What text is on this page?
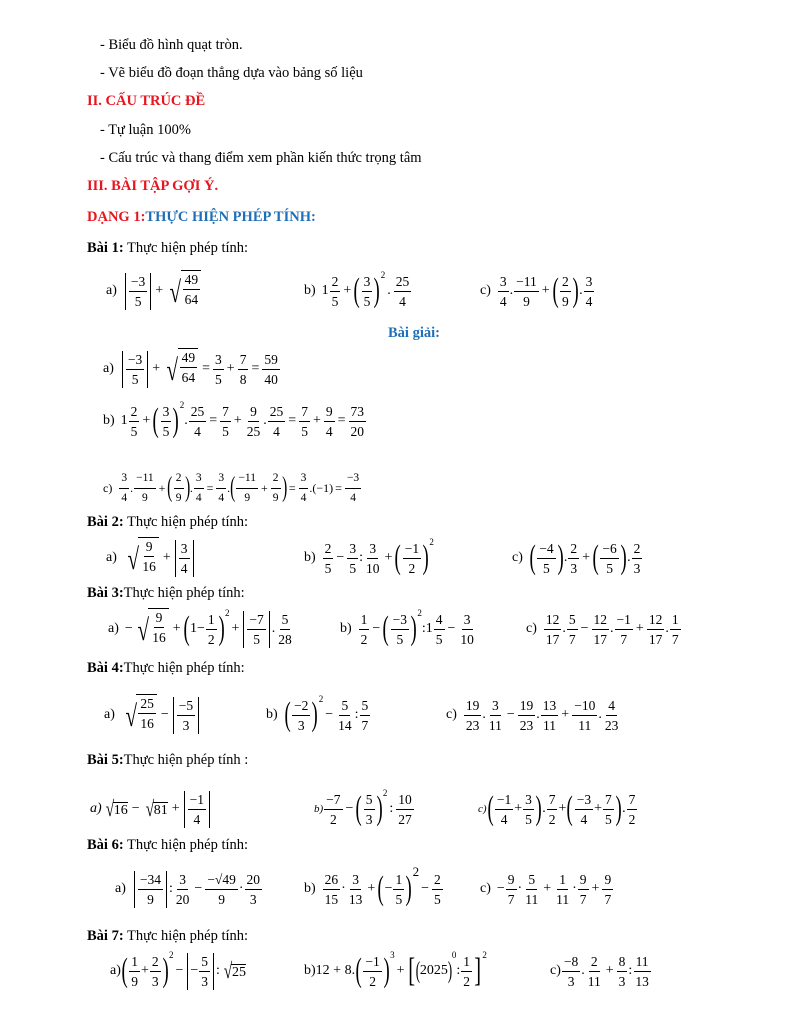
- Biểu đồ hình quạt tròn.
- Vẽ biểu đồ đoạn thẳng dựa vào bảng số liệu
II. CẤU TRÚC ĐỀ
- Tự luận 100%
- Cấu trúc và thang điểm xem phần kiến thức trọng tâm
III. BÀI TẬP GỢI Ý.
DẠNG 1:THỰC HIỆN PHÉP TÍNH:
Bài 1: Thực hiện phép tính:
a)
−3
5
+ √ 49
64
b) 1
2
5
+ ( 3
5 ) 2
.
25
4
c)
3
4
.
−11
9
+ ( 2
9 ) .
3
4
Bài giải:
a)
−3
5
+ √ 49
64
= $\frac{3}{5} + \frac{7}{8} = \frac{59}{40}$
b) 1
2
5
+ ( 3
5 ) 2
. $\frac{25}{4} = \frac{7}{5} + \frac{9}{25}$ . $\frac{25}{4} = \frac{7}{5} + \frac{9}{4} = \frac{73}{20}$
c)
3
4
.
−11
9
+ ( 2
9 ) . $\frac{3}{4} = \frac{3}{4}$ . ( −11
9
+ $\frac{2}{9}$ ) = $\frac{3}{4} .(-1) = \frac{-3}{4}$
Bài 2: Thực hiện phép tính:
a) √ 9
16
+
3
4
b)
2
5
− $\frac{3}{5}$ :
3
10
+ ( −1
2 ) 2
c) ( −4
5 ) .
2
3
+ ( −6
5 ) .
2
3
Bài 3:Thực hiện phép tính:
a) − √ 9
16
+ ( $1- \frac{1}{2}$ ) 2
+
−7
5
.
5
28
b)
1
2
− ( −3
5 ) 2
:1
4
5
− $\frac{3}{10}$	c)
12
17
.
5
7
− $\frac{12}{17}$ .
−1
7
+ $\frac{12}{17}$ .
1
7
Bài 4:Thực hiện phép tính:
a) √ 25
16
−
−5
3
b) ( −2
3 ) 2
− $\frac{5}{14}$ :
5
7
c)
19
23
.
3
11
− $\frac{19}{23}$ .
13
11
+ $\frac{-10}{11}$ .
4
23
Bài 5:Thực hiện phép tính :
a) √ 16 − √ 81 +
−1
4
b)
−7
2
− ( 5
3 ) 2
:
10
27
c) ( −1
4
+ $\frac{3}{5}$ ) .
7
2
+ ( −3
4
+ $\frac{7}{5}$ ) .
7
2
Bài 6: Thực hiện phép tính:
a)
−34
9
:
3
20
− $\frac{-√49}{9}$ ·
20
3
b)
26
15
·
3
13
+ ( − $\frac{1}{5}$ ) 2
− $\frac{2}{5}$	$c) - \frac{9}{7}$ ·
5
11
+ $\frac{1}{11}$ ·
9
7
+ $\frac{9}{7}$
Bài 7: Thực hiện phép tính:
a) ( 1
9
+ $\frac{2}{3}$ ) 2
− − $\frac{5}{3}$ : √ 25	b) 12 + 8. ( −1
2 ) 3
+ [ ( 2025 )
0
:
1
2 ] 2
c)
−8
3
.
2
11
+ $\frac{8}{3}$ :
11
13
